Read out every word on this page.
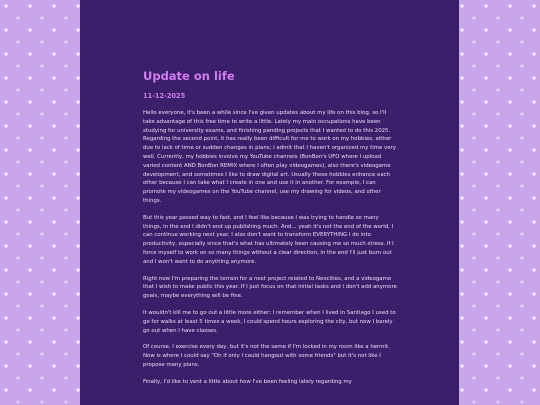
Update on life
11-12-2025

Hello everyone, it's been a while since I've given updates about my life on this blog, so I'll take advantage of this free time to write a little. Lately my main occupations have been studying for university exams, and finishing pending projects that I wanted to do this 2025. Regarding the second point, it has really been difficult for me to work on my hobbies, either due to lack of time or sudden changes in plans; I admit that I haven't organized my time very well. Currently, my hobbies involve my YouTube channels (BonBon's UFO where I upload varied content AND BonBon REMIX where I often play videogames), also there's videogame development, and sometimes I like to draw digital art. Usually these hobbies enhance each other because I can take what I create in one and use it in another. For example, I can promote my videogames on the YouTube channel, use my drawing for videos, and other things.

But this year passed way to fast, and I feel like because I was trying to handle so many things, in the end I didn't end up publishing much. And... yeah it's not the end of the world, I can continue working next year. I also don't want to transform EVERYTHING I do into productivity, especially since that's what has ultimately been causing me so much stress. If I force myself to work on so many things without a clear direction, in the end I'll just burn out and I won't want to do anything anymore.

Right now I'm preparing the terrain for a next project related to Neocities, and a videogame that I wish to make public this year. If I just focus on that initial tasks and I don't add anymore goals, maybe everything will be fine.

It wouldn't kill me to go out a little more either; I remember when I lived in Santiago I used to go for walks at least 5 times a week, I could spend hours exploring the city, but now I barely go out when I have classes.

Of course, I exercise every day, but it's not the same if I'm locked in my room like a hermit. Now is where I could say "Oh if only I could hangout with some friends" but it's not like I propose many plans.

Finally, I'd like to vent a little about how I've been feeling lately regarding my
